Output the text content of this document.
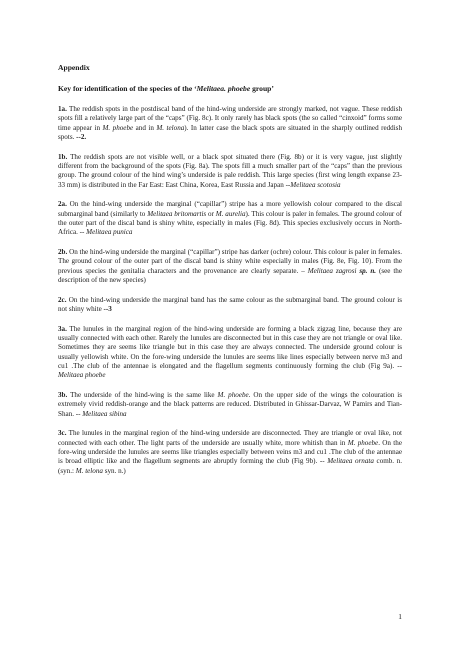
Appendix
Key for identification of the species of the ‘Melitaea. phoebe group’

1a. The reddish spots in the postdiscal band of the hind-wing underside are strongly marked, not vague. These reddish spots fill a relatively large part of the “caps” (Fig. 8c). It only rarely has black spots (the so called “cinxoid” forms some time appear in M. phoebe and in M. telona). In latter case the black spots are situated in the sharply outlined reddish spots. --2.

1b. The reddish spots are not visible well, or a black spot situated there (Fig. 8b) or it is very vague, just slightly different from the background of the spots (Fig. 8a). The spots fill a much smaller part of the “caps” than the previous group. The ground colour of the hind wing’s underside is pale reddish. This large species (first wing length expanse 23-33 mm) is distributed in the Far East: East China, Korea, East Russia and Japan --Melitaea scotosia

2a. On the hind-wing underside the marginal (“capillar”) stripe has a more yellowish colour compared to the discal submarginal band (similarly to Melitaea britomartis or M. aurelia). This colour is paler in females. The ground colour of the outer part of the discal band is shiny white, especially in males (Fig. 8d). This species exclusively occurs in North-Africa. -- Melitaea punica

2b. On the hind-wing underside the marginal (“capillar”) stripe has darker (ochre) colour. This colour is paler in females. The ground colour of the outer part of the discal band is shiny white especially in males (Fig. 8e, Fig. 10). From the previous species the genitalia characters and the provenance are clearly separate. – Melitaea zagrosi sp. n. (see the description of the new species)

2c. On the hind-wing underside the marginal band has the same colour as the submarginal band. The ground colour is not shiny white --3

3a. The lunules in the marginal region of the hind-wing underside are forming a black zigzag line, because they are usually connected with each other. Rarely the lunules are disconnected but in this case they are not triangle or oval like. Sometimes they are seems like triangle but in this case they are always connected. The underside ground colour is usually yellowish white. On the fore-wing underside the lunules are seems like lines especially between nerve m3 and cu1 .The club of the antennae is elongated and the flagellum segments continuously forming the club (Fig 9a). -- Melitaea phoebe

3b. The underside of the hind-wing is the same like M. phoebe. On the upper side of the wings the colouration is extremely vivid reddish-orange and the black patterns are reduced. Distributed in Ghissar-Darvaz, W Pamirs and Tian-Shan. -- Melitaea sibina

3c. The lunules in the marginal region of the hind-wing underside are disconnected. They are triangle or oval like, not connected with each other. The light parts of the underside are usually white, more whitish than in M. phoebe. On the fore-wing underside the lunules are seems like triangles especially between veins m3 and cu1 .The club of the antennae is broad elliptic like and the flagellum segments are abruptly forming the club (Fig 9b). -- Melitaea ornata comb. n. (syn.: M. telona syn. n.)

1
